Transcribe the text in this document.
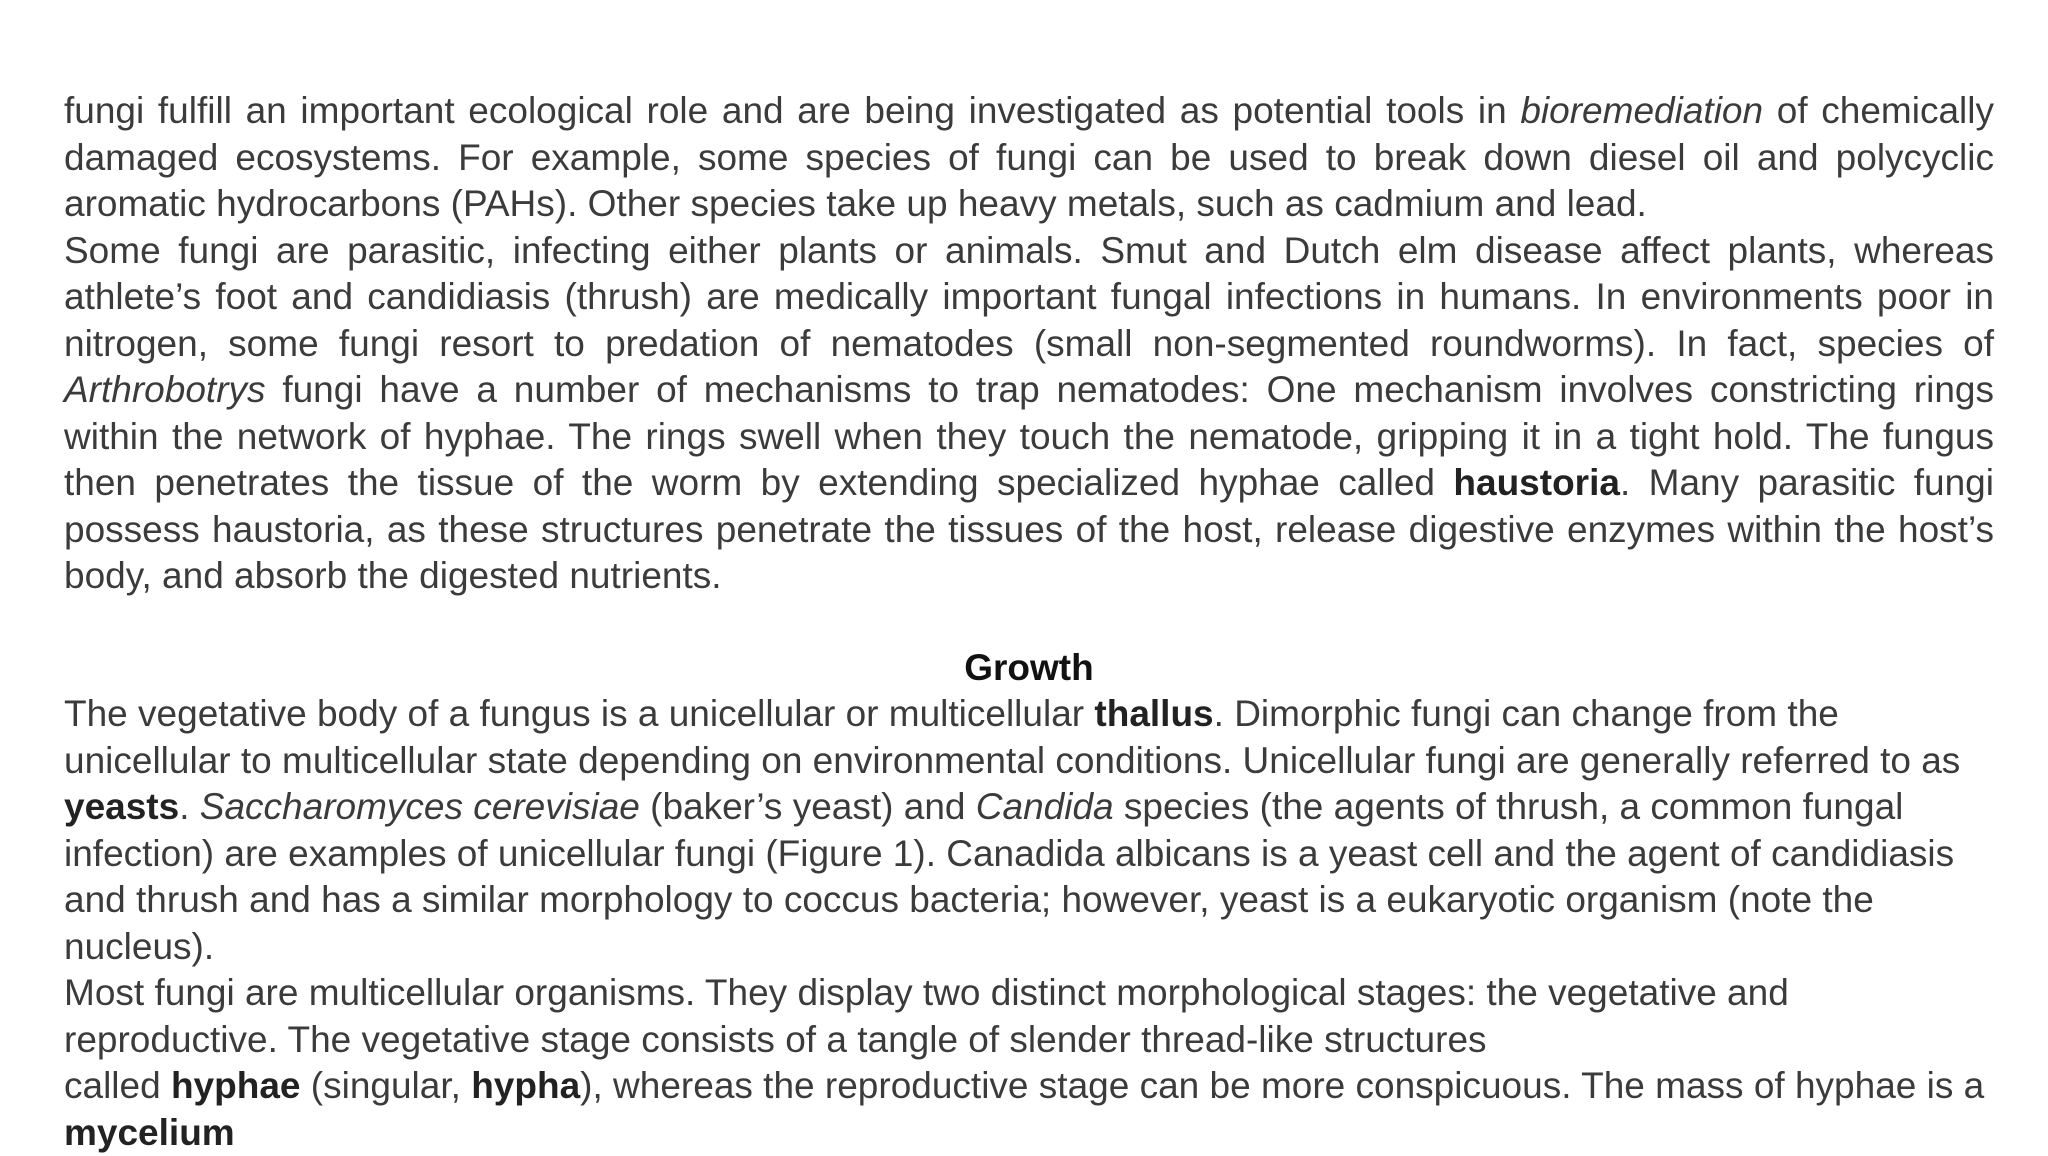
fungi fulfill an important ecological role and are being investigated as potential tools in bioremediation of chemically damaged ecosystems. For example, some species of fungi can be used to break down diesel oil and polycyclic aromatic hydrocarbons (PAHs). Other species take up heavy metals, such as cadmium and lead.

Some fungi are parasitic, infecting either plants or animals. Smut and Dutch elm disease affect plants, whereas athlete’s foot and candidiasis (thrush) are medically important fungal infections in humans. In environments poor in nitrogen, some fungi resort to predation of nematodes (small non-segmented roundworms). In fact, species of Arthrobotrys fungi have a number of mechanisms to trap nematodes: One mechanism involves constricting rings within the network of hyphae. The rings swell when they touch the nematode, gripping it in a tight hold. The fungus then penetrates the tissue of the worm by extending specialized hyphae called haustoria. Many parasitic fungi possess haustoria, as these structures penetrate the tissues of the host, release digestive enzymes within the host’s body, and absorb the digested nutrients.

Growth

The vegetative body of a fungus is a unicellular or multicellular thallus. Dimorphic fungi can change from the unicellular to multicellular state depending on environmental conditions. Unicellular fungi are generally referred to as yeasts. Saccharomyces cerevisiae (baker’s yeast) and Candida species (the agents of thrush, a common fungal infection) are examples of unicellular fungi (Figure 1). Canadida albicans is a yeast cell and the agent of candidiasis and thrush and has a similar morphology to coccus bacteria; however, yeast is a eukaryotic organism (note the nucleus).

Most fungi are multicellular organisms. They display two distinct morphological stages: the vegetative and reproductive. The vegetative stage consists of a tangle of slender thread-like structures
called hyphae (singular, hypha), whereas the reproductive stage can be more conspicuous. The mass of hyphae is a mycelium
